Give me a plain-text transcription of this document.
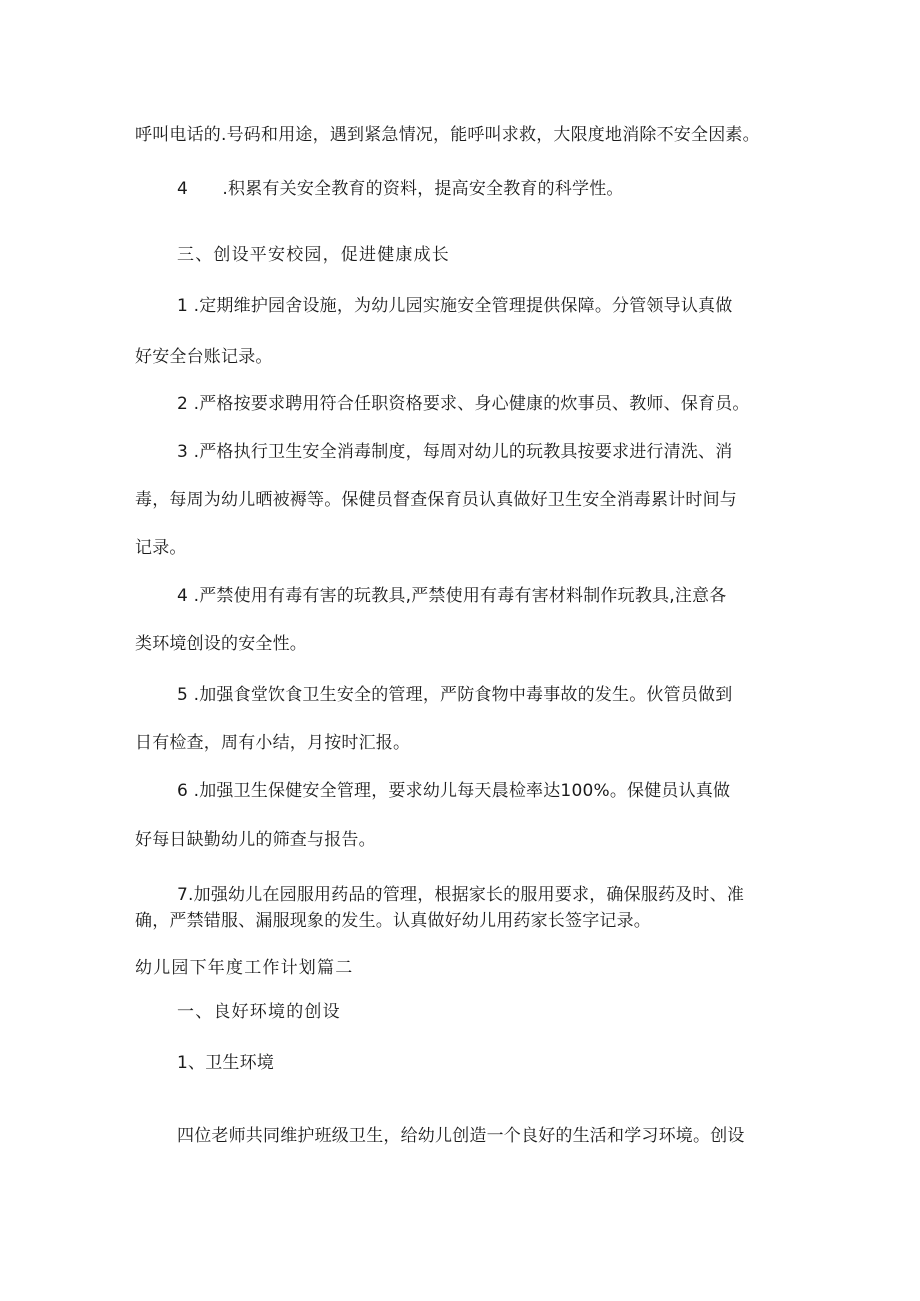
呼叫电话的.号码和用途，遇到紧急情况，能呼叫求救，大限度地消除不安全因素。
4　　.积累有关安全教育的资料，提高安全教育的科学性。
三、创设平安校园，促进健康成长
1 .定期维护园舍设施，为幼儿园实施安全管理提供保障。分管领导认真做
好安全台账记录。
2 .严格按要求聘用符合任职资格要求、身心健康的炊事员、教师、保育员。
3 .严格执行卫生安全消毒制度，每周对幼儿的玩教具按要求进行清洗、消
毒，每周为幼儿晒被褥等。保健员督查保育员认真做好卫生安全消毒累计时间与
记录。
4 .严禁使用有毒有害的玩教具,严禁使用有毒有害材料制作玩教具,注意各
类环境创设的安全性。
5 .加强食堂饮食卫生安全的管理，严防食物中毒事故的发生。伙管员做到
日有检查，周有小结，月按时汇报。
6 .加强卫生保健安全管理，要求幼儿每天晨检率达100%。保健员认真做
好每日缺勤幼儿的筛查与报告。
7.加强幼儿在园服用药品的管理，根据家长的服用要求，确保服药及时、准
确，严禁错服、漏服现象的发生。认真做好幼儿用药家长签字记录。
幼儿园下年度工作计划篇二
一、良好环境的创设
1、卫生环境
四位老师共同维护班级卫生，给幼儿创造一个良好的生活和学习环境。创设
